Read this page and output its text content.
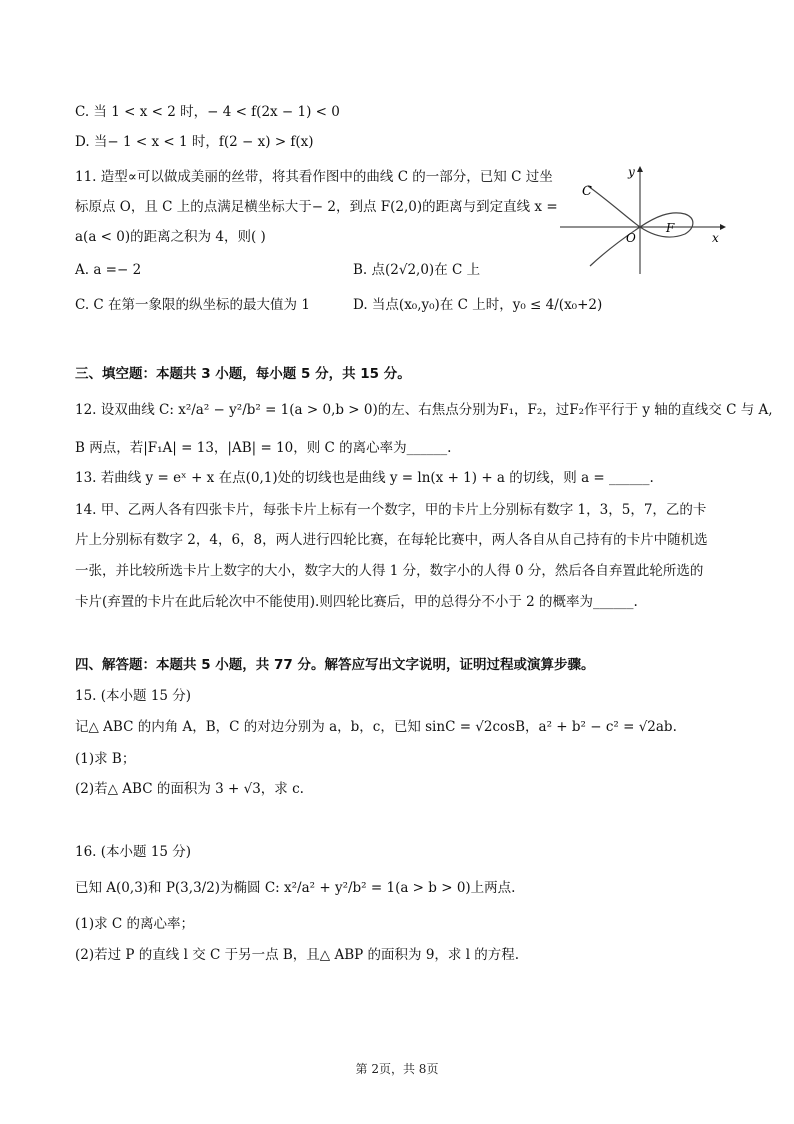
C. 当 1 < x < 2 时，− 4 < f(2x − 1) < 0
D. 当− 1 < x < 1 时，f(2 − x) > f(x)
11. 造型∝可以做成美丽的丝带，将其看作图中的曲线 C 的一部分，已知 C 过坐
标原点 O，且 C 上的点满足横坐标大于− 2，到点 F(2,0)的距离与到定直线 x =
a(a < 0)的距离之积为 4，则( )
A. a =− 2	B. 点(2√2,0)在 C 上
C. C 在第一象限的纵坐标的最大值为 1	D. 当点(x₀,y₀)在 C 上时，y₀ ≤ 4/(x₀+2)
C
y
O
F
x
三、填空题：本题共 3 小题，每小题 5 分，共 15 分。
12. 设双曲线 C: x²/a² − y²/b² = 1(a > 0,b > 0)的左、右焦点分别为F₁，F₂，过F₂作平行于 y 轴的直线交 C 与 A,
B 两点，若|F₁A| = 13，|AB| = 10，则 C 的离心率为______.
13. 若曲线 y = eˣ + x 在点(0,1)处的切线也是曲线 y = ln(x + 1) + a 的切线，则 a = ______.
14. 甲、乙两人各有四张卡片，每张卡片上标有一个数字，甲的卡片上分别标有数字 1，3，5，7，乙的卡
片上分别标有数字 2，4，6，8，两人进行四轮比赛，在每轮比赛中，两人各自从自己持有的卡片中随机选
一张，并比较所选卡片上数字的大小，数字大的人得 1 分，数字小的人得 0 分，然后各自弃置此轮所选的
卡片(弃置的卡片在此后轮次中不能使用).则四轮比赛后，甲的总得分不小于 2 的概率为______.
四、解答题：本题共 5 小题，共 77 分。解答应写出文字说明，证明过程或演算步骤。
15. (本小题 15 分)
记△ ABC 的内角 A，B，C 的对边分别为 a，b，c，已知 sinC = √2cosB，a² + b² − c² = √2ab.
(1)求 B；
(2)若△ ABC 的面积为 3 + √3，求 c.
16. (本小题 15 分)
已知 A(0,3)和 P(3,3/2)为椭圆 C: x²/a² + y²/b² = 1(a > b > 0)上两点.
(1)求 C 的离心率；
(2)若过 P 的直线 l 交 C 于另一点 B，且△ ABP 的面积为 9，求 l 的方程.
第 2页，共 8页
